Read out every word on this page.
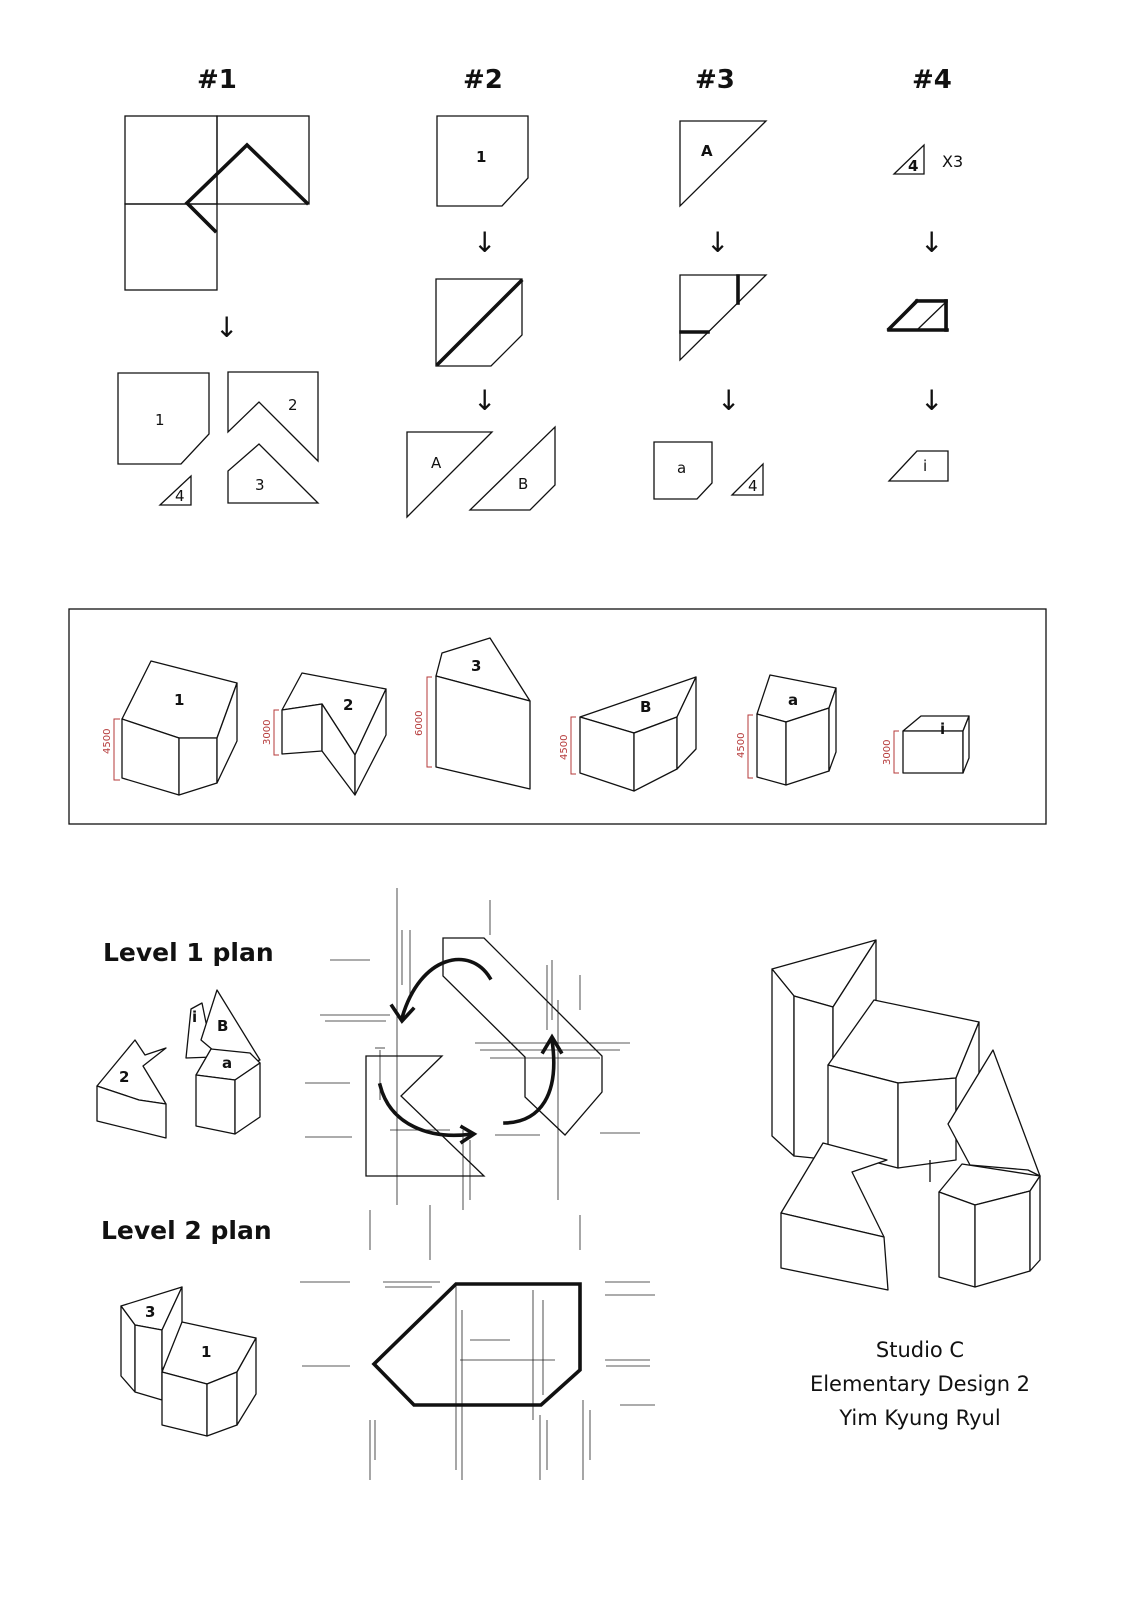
#1	#2	#3	#4
↓
1
2
3
4
1
↓
↓
A
B
A
↓
↓
a
4
4 X3
↓
↓
i
1
4500
2
3000
3
6000
B
4500
a
4500
i
3000
Level 1 plan
Level 2 plan
2
i B
a
3
1	Studio C
Elementary Design 2
Yim Kyung Ryul
